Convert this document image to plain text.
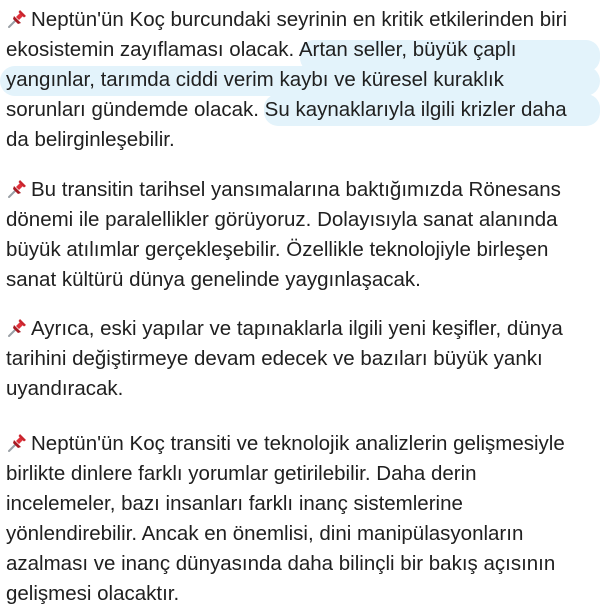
Neptün'ün Koç burcundaki seyrinin en kritik etkilerinden biri
ekosistemin zayıflaması olacak. Artan seller, büyük çaplı
yangınlar, tarımda ciddi verim kaybı ve küresel kuraklık
sorunları gündemde olacak. Su kaynaklarıyla ilgili krizler daha
da belirginleşebilir.

Bu transitin tarihsel yansımalarına baktığımızda Rönesans
dönemi ile paralellikler görüyoruz. Dolayısıyla sanat alanında
büyük atılımlar gerçekleşebilir. Özellikle teknolojiyle birleşen
sanat kültürü dünya genelinde yaygınlaşacak.

Ayrıca, eski yapılar ve tapınaklarla ilgili yeni keşifler, dünya
tarihini değiştirmeye devam edecek ve bazıları büyük yankı
uyandıracak.

Neptün'ün Koç transiti ve teknolojik analizlerin gelişmesiyle
birlikte dinlere farklı yorumlar getirilebilir. Daha derin
incelemeler, bazı insanları farklı inanç sistemlerine
yönlendirebilir. Ancak en önemlisi, dini manipülasyonların
azalması ve inanç dünyasında daha bilinçli bir bakış açısının
gelişmesi olacaktır.
